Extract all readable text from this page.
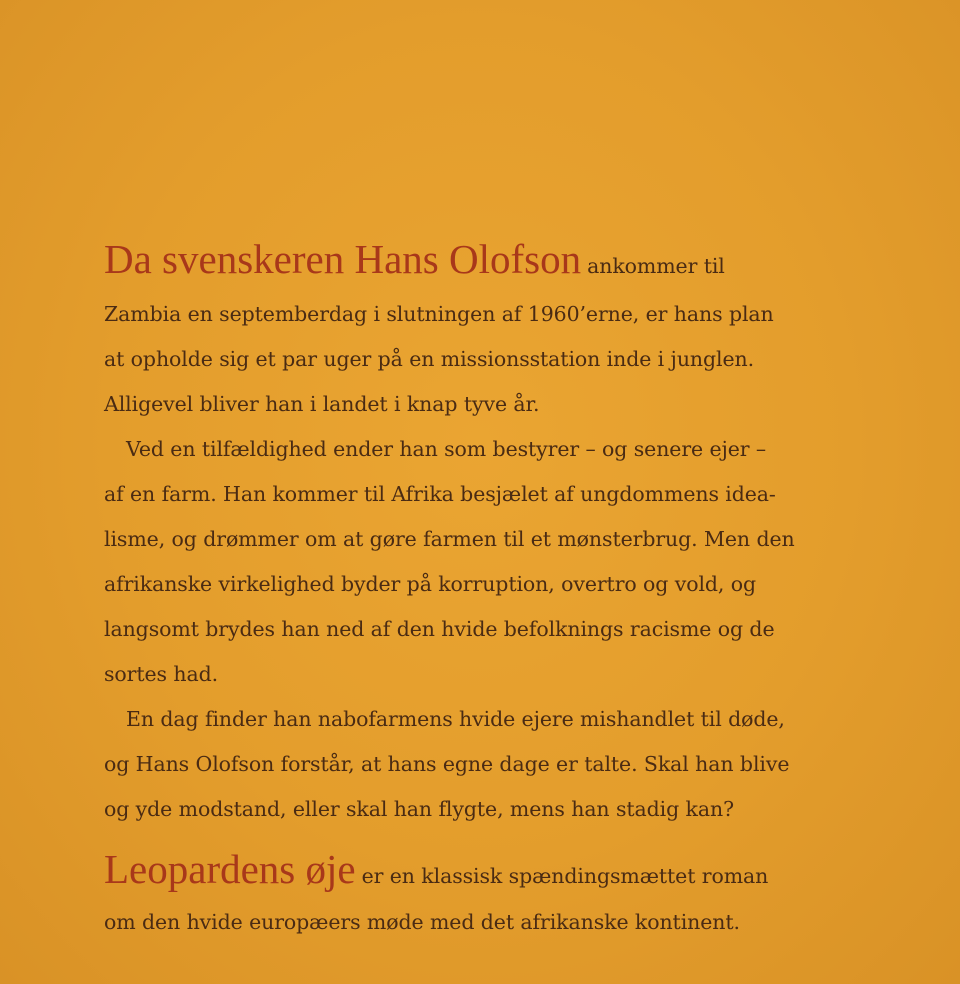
Da svenskeren Hans Olofson ankommer til
Zambia en septemberdag i slutningen af 1960’erne, er hans plan
at opholde sig et par uger på en missionsstation inde i junglen.
Alligevel bliver han i landet i knap tyve år.
Ved en tilfældighed ender han som bestyrer – og senere ejer –
af en farm. Han kommer til Afrika besjælet af ungdommens idea-
lisme, og drømmer om at gøre farmen til et mønsterbrug. Men den
afrikanske virkelighed byder på korruption, overtro og vold, og
langsomt brydes han ned af den hvide befolknings racisme og de
sortes had.
En dag finder han nabofarmens hvide ejere mishandlet til døde,
og Hans Olofson forstår, at hans egne dage er talte. Skal han blive
og yde modstand, eller skal han flygte, mens han stadig kan?
Leopardens øje er en klassisk spændingsmættet roman
om den hvide europæers møde med det afrikanske kontinent.
